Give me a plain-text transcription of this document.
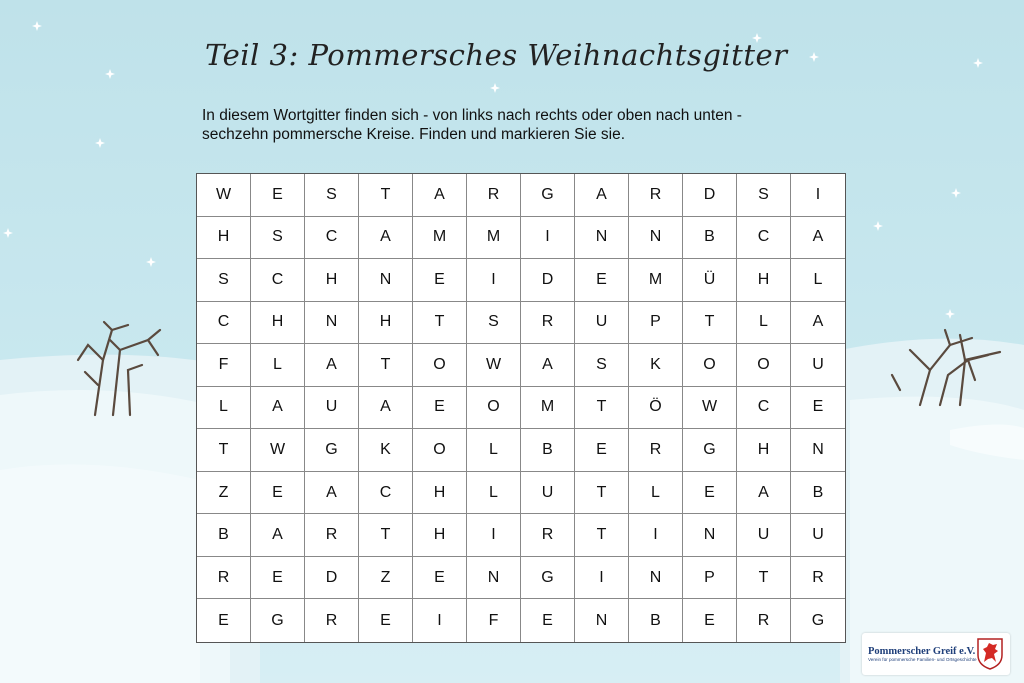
Teil 3: Pommersches Weihnachtsgitter

In diesem Wortgitter finden sich - von links nach rechts oder oben nach unten -

sechzehn pommersche Kreise. Finden und markieren Sie sie.

W	E	S	T	A	R	G	A	R	D	S	I
H	S	C	A	M	M	I	N	N	B	C	A
S	C	H	N	E	I	D	E	M	Ü	H	L
C	H	N	H	T	S	R	U	P	T	L	A
F	L	A	T	O	W	A	S	K	O	O	U
L	A	U	A	E	O	M	T	Ö	W	C	E
T	W	G	K	O	L	B	E	R	G	H	N
Z	E	A	C	H	L	U	T	L	E	A	B
B	A	R	T	H	I	R	T	I	N	U	U
R	E	D	Z	E	N	G	I	N	P	T	R
E	G	R	E	I	F	E	N	B	E	R	G
Pommerscher Greif e.V.
Verein für pommersche Familien- und Ortsgeschichte
